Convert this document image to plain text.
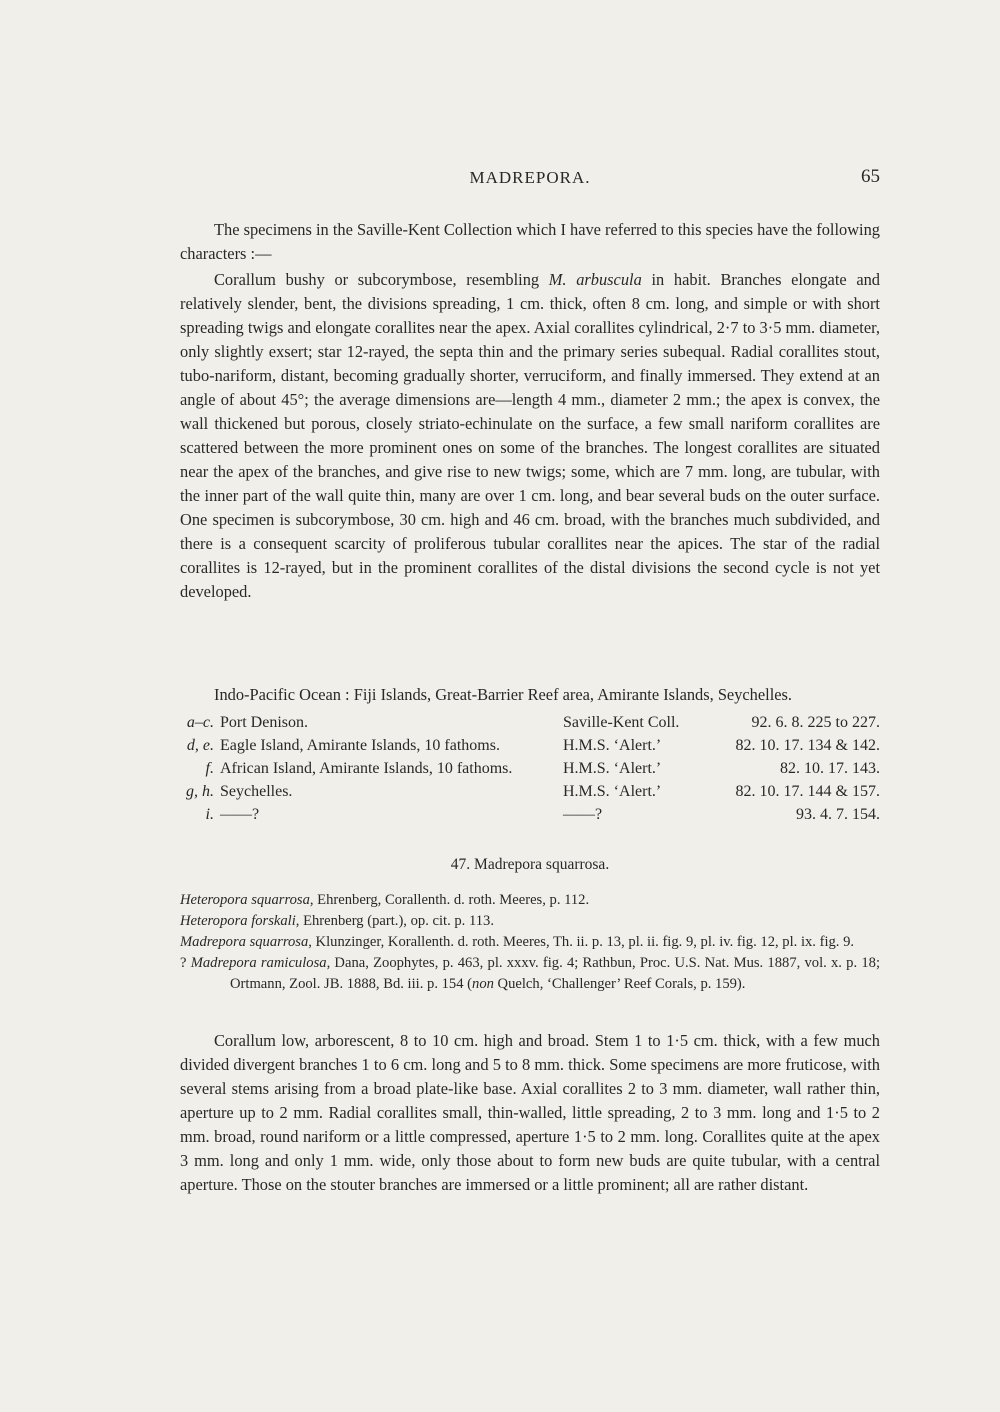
MADREPORA.	65

The specimens in the Saville-Kent Collection which I have referred to this species have the following characters :—

Corallum bushy or subcorymbose, resembling M. arbuscula in habit. Branches elongate and relatively slender, bent, the divisions spreading, 1 cm. thick, often 8 cm. long, and simple or with short spreading twigs and elongate corallites near the apex. Axial corallites cylindrical, 2·7 to 3·5 mm. diameter, only slightly exsert; star 12-rayed, the septa thin and the primary series subequal. Radial corallites stout, tubo-nariform, distant, becoming gradually shorter, verruciform, and finally immersed. They extend at an angle of about 45°; the average dimensions are—length 4 mm., diameter 2 mm.; the apex is convex, the wall thickened but porous, closely striato-echinulate on the surface, a few small nariform corallites are scattered between the more prominent ones on some of the branches. The longest corallites are situated near the apex of the branches, and give rise to new twigs; some, which are 7 mm. long, are tubular, with the inner part of the wall quite thin, many are over 1 cm. long, and bear several buds on the outer surface. One specimen is subcorymbose, 30 cm. high and 46 cm. broad, with the branches much subdivided, and there is a consequent scarcity of proliferous tubular corallites near the apices. The star of the radial corallites is 12-rayed, but in the prominent corallites of the distal divisions the second cycle is not yet developed.

Indo-Pacific Ocean : Fiji Islands, Great-Barrier Reef area, Amirante Islands, Seychelles.

a–c.	Port Denison.	Saville-Kent Coll.	92. 6. 8. 225 to 227.
d, e.	Eagle Island, Amirante Islands, 10 fathoms.	H.M.S. ‘Alert.’	82. 10. 17. 134 & 142.
f.	African Island, Amirante Islands, 10 fathoms.	H.M.S. ‘Alert.’	82. 10. 17. 143.
g, h.	Seychelles.	H.M.S. ‘Alert.’	82. 10. 17. 144 & 157.
i.	——?	——?	93. 4. 7. 154.
47. Madrepora squarrosa.
Heteropora squarrosa, Ehrenberg, Corallenth. d. roth. Meeres, p. 112.
Heteropora forskali, Ehrenberg (part.), op. cit. p. 113.
Madrepora squarrosa, Klunzinger, Korallenth. d. roth. Meeres, Th. ii. p. 13, pl. ii. fig. 9, pl. iv. fig. 12, pl. ix. fig. 9.
? Madrepora ramiculosa, Dana, Zoophytes, p. 463, pl. xxxv. fig. 4; Rathbun, Proc. U.S. Nat. Mus. 1887, vol. x. p. 18; Ortmann, Zool. JB. 1888, Bd. iii. p. 154 (non Quelch, ‘Challenger’ Reef Corals, p. 159).

Corallum low, arborescent, 8 to 10 cm. high and broad. Stem 1 to 1·5 cm. thick, with a few much divided divergent branches 1 to 6 cm. long and 5 to 8 mm. thick. Some specimens are more fruticose, with several stems arising from a broad plate-like base. Axial corallites 2 to 3 mm. diameter, wall rather thin, aperture up to 2 mm. Radial corallites small, thin-walled, little spreading, 2 to 3 mm. long and 1·5 to 2 mm. broad, round nariform or a little compressed, aperture 1·5 to 2 mm. long. Corallites quite at the apex 3 mm. long and only 1 mm. wide, only those about to form new buds are quite tubular, with a central aperture. Those on the stouter branches are immersed or a little prominent; all are rather distant.
